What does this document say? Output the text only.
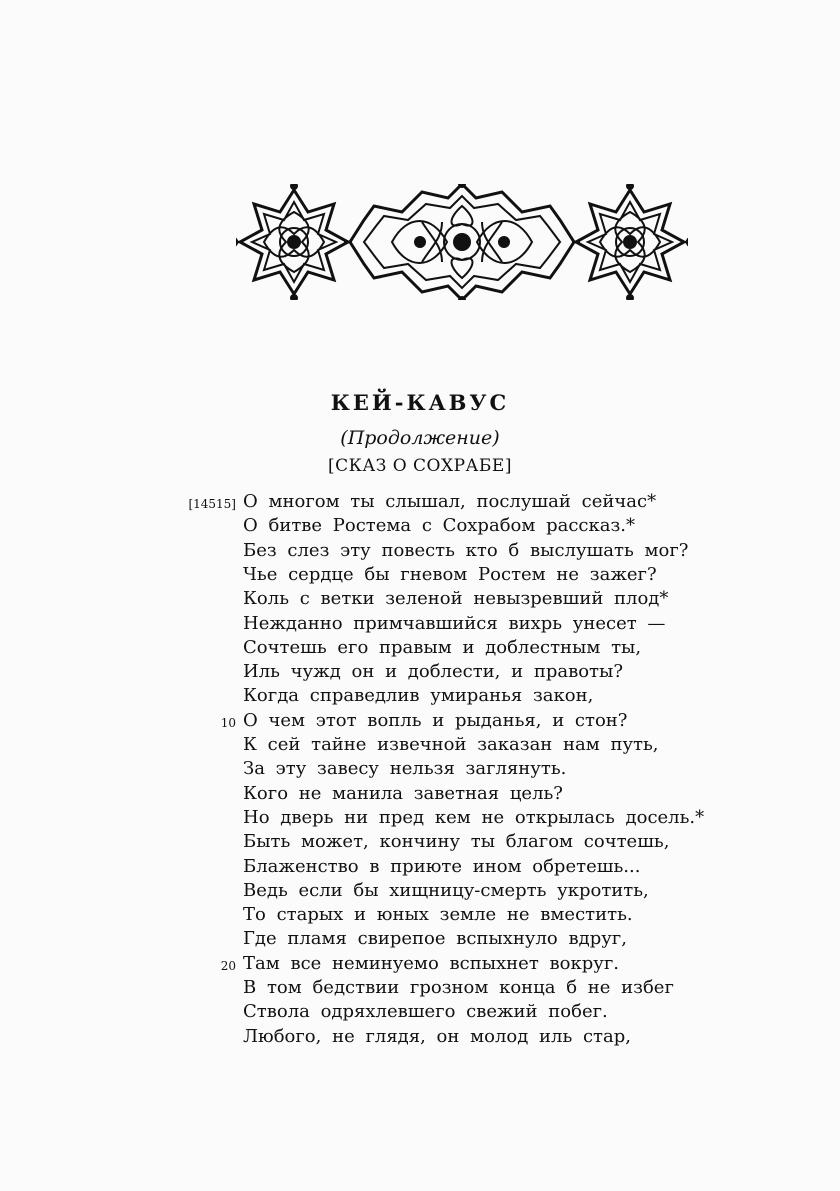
КЕЙ-КАВУС
(Продолжение)
[СКАЗ О СОХРАБЕ]
О многом ты слышал, послушай сейчас*
О битве Ростема с Сохрабом рассказ.*
Без слез эту повесть кто б выслушать мог?
Чье сердце бы гневом Ростем не зажег?
Коль с ветки зеленой невызревший плод*
Нежданно примчавшийся вихрь унесет —
Сочтешь его правым и доблестным ты,
Иль чужд он и доблести, и правоты?
Когда справедлив умиранья закон,
О чем этот вопль и рыданья, и стон?
К сей тайне извечной заказан нам путь,
За эту завесу нельзя заглянуть.
Кого не манила заветная цель?
Но дверь ни пред кем не открылась досель.*
Быть может, кончину ты благом сочтешь,
Блаженство в приюте ином обретешь...
Ведь если бы хищницу-смерть укротить,
То старых и юных земле не вместить.
Где пламя свирепое вспыхнуло вдруг,
Там все неминуемо вспыхнет вокруг.
В том бедствии грозном конца б не избег
Ствола одряхлевшего свежий побег.
Любого, не глядя, он молод иль стар,
[14515]
10
20
